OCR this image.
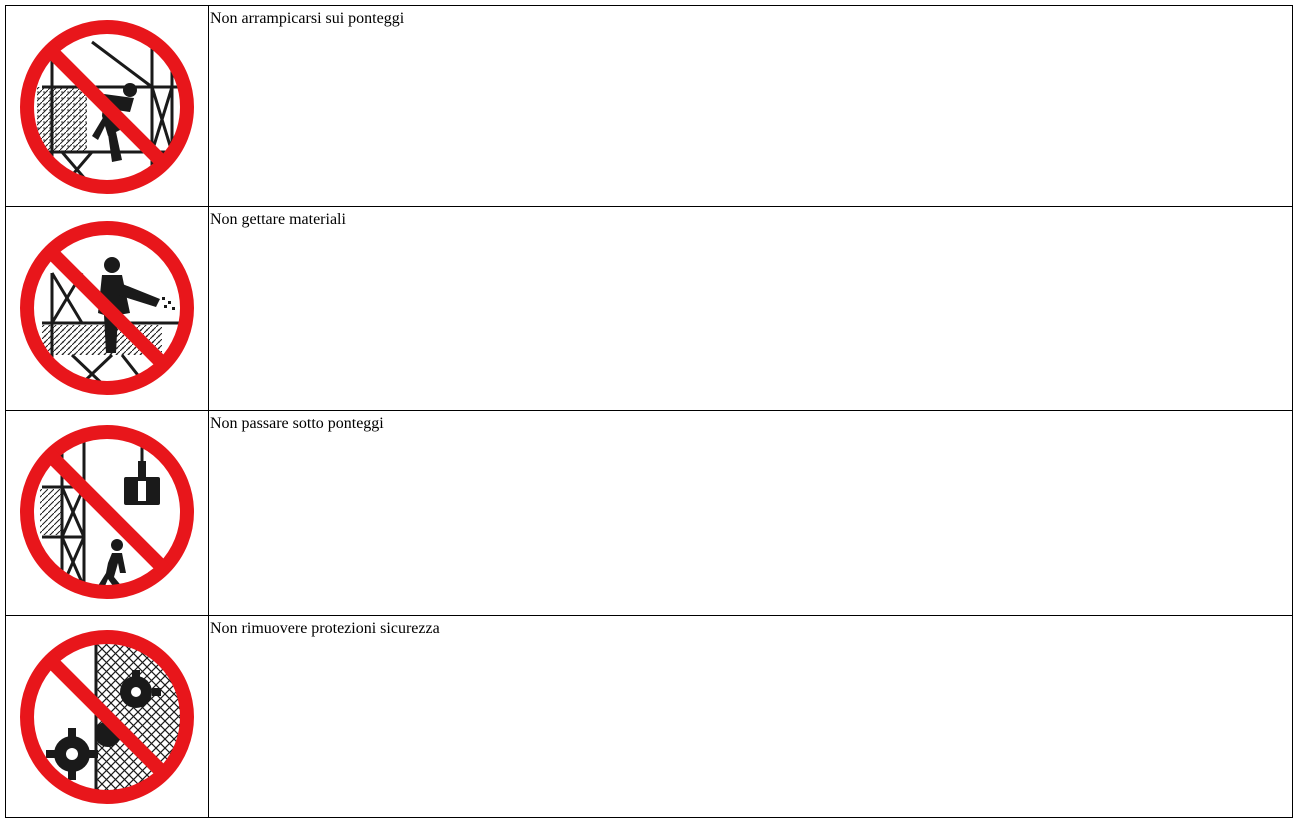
Non arrampicarsi sui ponteggi

Non gettare materiali

Non passare sotto ponteggi

Non rimuovere protezioni sicurezza
